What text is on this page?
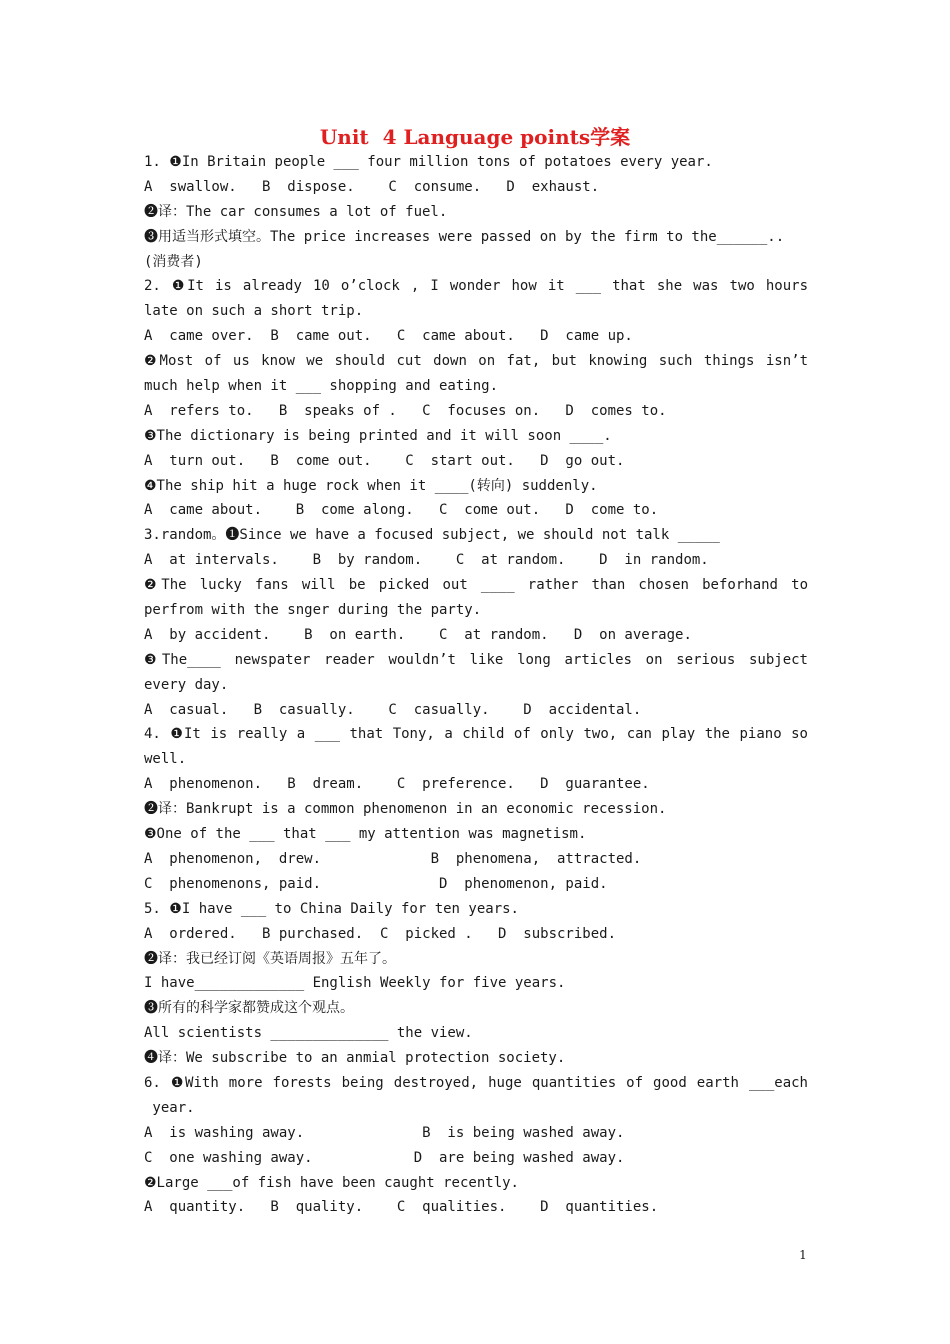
Unit  4 Language points学案
1. ❶In Britain people ___ four million tons of potatoes every year.
A  swallow.   B  dispose.    C  consume.   D  exhaust.
❷译：The car consumes a lot of fuel.
❸用适当形式填空。The price increases were passed on by the firm to the______..
(消费者)
2. ❶It is already 10 o’clock , I wonder how it ___ that she was two hours
late on such a short trip.
A  came over.  B  came out.   C  came about.   D  came up.
❷Most of us know we should cut down on fat, but knowing such things isn’t
much help when it ___ shopping and eating.
A  refers to.   B  speaks of .   C  focuses on.   D  comes to.
❸The dictionary is being printed and it will soon ____.
A  turn out.   B  come out.    C  start out.   D  go out.
❹The ship hit a huge rock when it ____(转向) suddenly.
A  came about.    B  come along.   C  come out.   D  come to.
3.random。❶Since we have a focused subject, we should not talk _____
A  at intervals.    B  by random.    C  at random.    D  in random.
❷The lucky fans will be picked out ____ rather than chosen beforhand to
perfrom with the snger during the party.
A  by accident.    B  on earth.    C  at random.   D  on average.
❸The____ newspater reader wouldn’t like long articles on serious subject
every day.
A  casual.   B  casually.    C  casually.    D  accidental.
4. ❶It is really a ___ that Tony, a child of only two, can play the piano so
well.
A  phenomenon.   B  dream.    C  preference.   D  guarantee.
❷译：Bankrupt is a common phenomenon in an economic recession.
❸One of the ___ that ___ my attention was magnetism.
A  phenomenon,  drew.             B  phenomena,  attracted.
C  phenomenons, paid.              D  phenomenon, paid.
5. ❶I have ___ to China Daily for ten years.
A  ordered.   B purchased.  C  picked .   D  subscribed.
❷译：我已经订阅《英语周报》五年了。
I have_____________ English Weekly for five years.
❸所有的科学家都赞成这个观点。
All scientists ______________ the view.
❹译：We subscribe to an anmial protection society.
6. ❶With more forests being destroyed, huge quantities of good earth ___each
year.
A  is washing away.              B  is being washed away.
C  one washing away.            D  are being washed away.
❷Large ___of fish have been caught recently.
A  quantity.   B  quality.    C  qualities.    D  quantities.
1
